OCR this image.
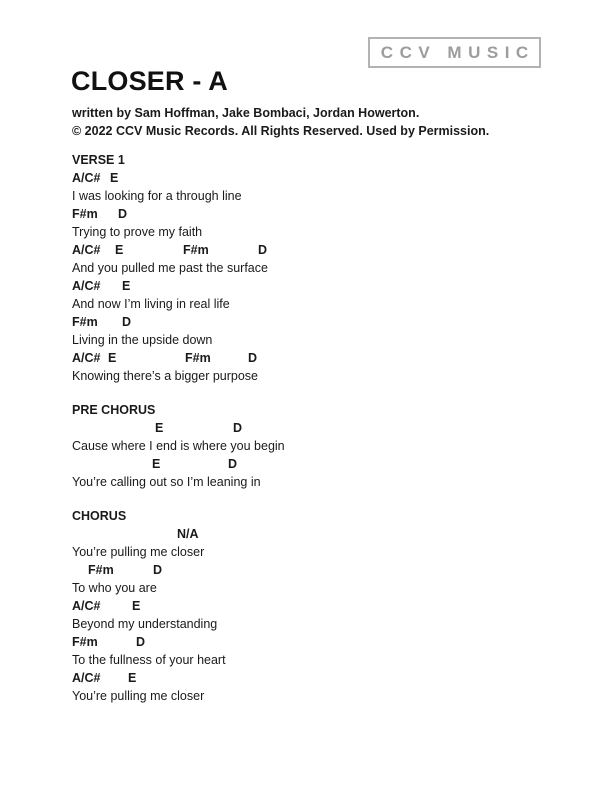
CCV MUSIC
CLOSER - A
written by Sam Hoffman, Jake Bombaci, Jordan Howerton.
© 2022 CCV Music Records. All Rights Reserved. Used by Permission.
VERSE 1
A/C# E
I was looking for a through line
F#m D
Trying to prove my faith
A/C# E	F#m	D
And you pulled me past the surface
A/C# E
And now I’m living in real life
F#m D
Living in the upside down
A/C# E	F#m	D
Knowing there’s a bigger purpose
PRE CHORUS
E	D
Cause where I end is where you begin
E	D
You’re calling out so I’m leaning in
CHORUS
N/A
You’re pulling me closer
F#m	D
To who you are
A/C#	E
Beyond my understanding
F#m	D
To the fullness of your heart
A/C# E
You’re pulling me closer
